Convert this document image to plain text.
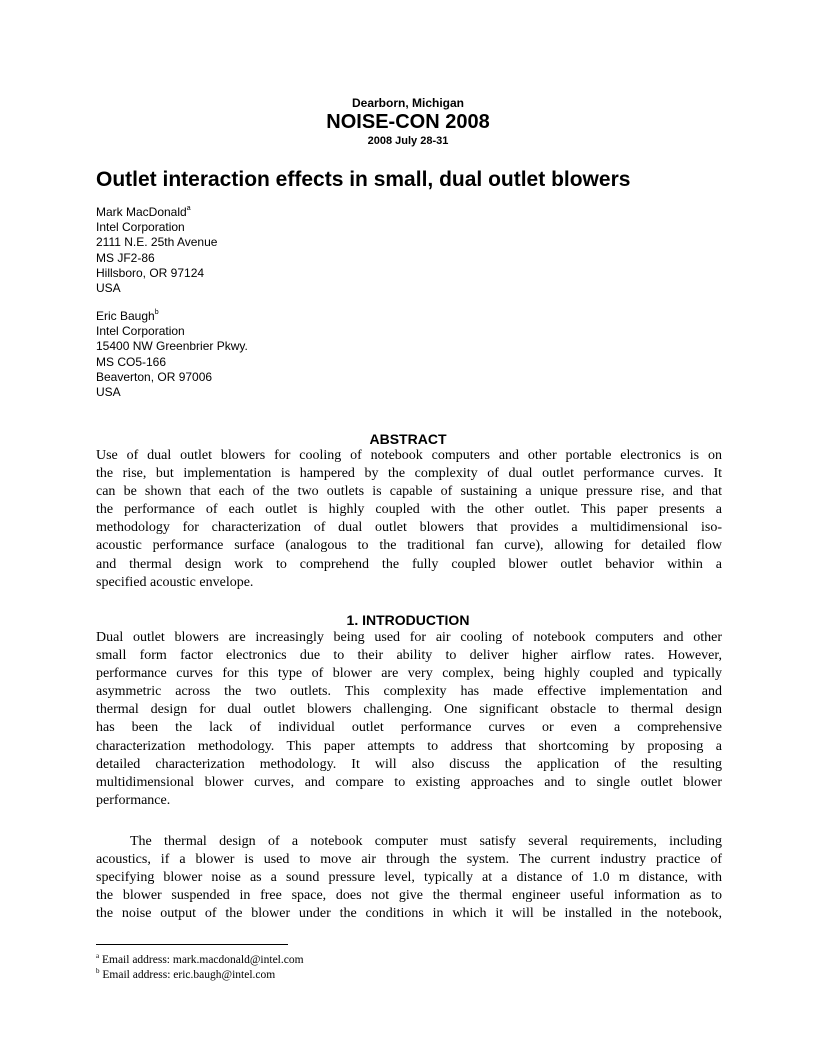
Dearborn, Michigan
NOISE-CON 2008
2008 July 28-31
Outlet interaction effects in small, dual outlet blowers
Mark MacDonald$^a$
Intel Corporation
2111 N.E. 25th Avenue
MS JF2-86
Hillsboro, OR 97124
USA
Eric Baugh$^b$
Intel Corporation
15400 NW Greenbrier Pkwy.
MS CO5-166
Beaverton, OR 97006
USA
ABSTRACT
Use of dual outlet blowers for cooling of notebook computers and other portable electronics is on
the rise, but implementation is hampered by the complexity of dual outlet performance curves. It
can be shown that each of the two outlets is capable of sustaining a unique pressure rise, and that
the performance of each outlet is highly coupled with the other outlet. This paper presents a
methodology for characterization of dual outlet blowers that provides a multidimensional iso-
acoustic performance surface (analogous to the traditional fan curve), allowing for detailed flow
and thermal design work to comprehend the fully coupled blower outlet behavior within a
specified acoustic envelope.
1. INTRODUCTION
Dual outlet blowers are increasingly being used for air cooling of notebook computers and other
small form factor electronics due to their ability to deliver higher airflow rates. However,
performance curves for this type of blower are very complex, being highly coupled and typically
asymmetric across the two outlets. This complexity has made effective implementation and
thermal design for dual outlet blowers challenging. One significant obstacle to thermal design
has been the lack of individual outlet performance curves or even a comprehensive
characterization methodology. This paper attempts to address that shortcoming by proposing a
detailed characterization methodology. It will also discuss the application of the resulting
multidimensional blower curves, and compare to existing approaches and to single outlet blower
performance.
The thermal design of a notebook computer must satisfy several requirements, including
acoustics, if a blower is used to move air through the system. The current industry practice of
specifying blower noise as a sound pressure level, typically at a distance of 1.0 m distance, with
the blower suspended in free space, does not give the thermal engineer useful information as to
the noise output of the blower under the conditions in which it will be installed in the notebook,
$^a$ Email address: mark.macdonald@intel.com
$^b$ Email address: eric.baugh@intel.com
